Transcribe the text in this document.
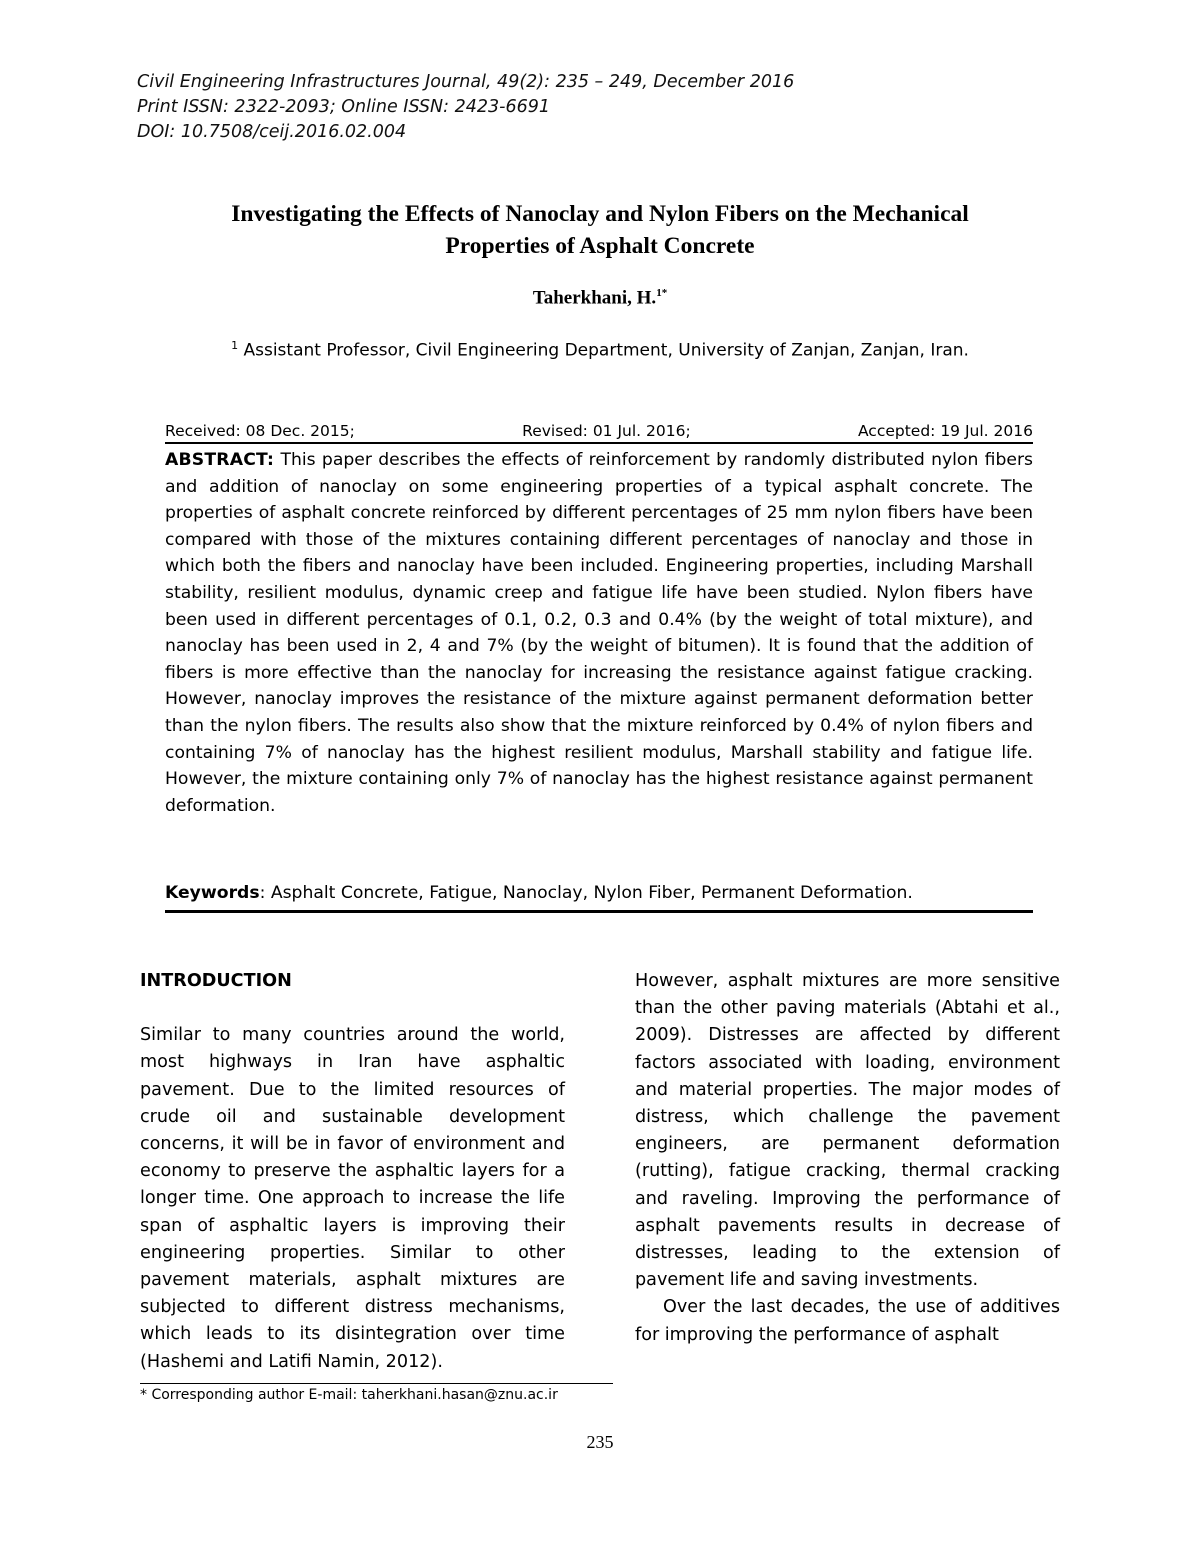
Civil Engineering Infrastructures Journal, 49(2): 235 – 249, December 2016
Print ISSN: 2322-2093; Online ISSN: 2423-6691
DOI: 10.7508/ceij.2016.02.004
Investigating the Effects of Nanoclay and Nylon Fibers on the Mechanical
Properties of Asphalt Concrete
Taherkhani, H.$^{1*}$
$^1$ Assistant Professor, Civil Engineering Department, University of Zanjan, Zanjan, Iran.
Received: 08 Dec. 2015;	Revised: 01 Jul. 2016;	Accepted: 19 Jul. 2016
ABSTRACT: This paper describes the effects of reinforcement by randomly distributed nylon fibers and addition of nanoclay on some engineering properties of a typical asphalt concrete. The properties of asphalt concrete reinforced by different percentages of 25 mm nylon fibers have been compared with those of the mixtures containing different percentages of nanoclay and those in which both the fibers and nanoclay have been included. Engineering properties, including Marshall stability, resilient modulus, dynamic creep and fatigue life have been studied. Nylon fibers have been used in different percentages of 0.1, 0.2, 0.3 and 0.4% (by the weight of total mixture), and nanoclay has been used in 2, 4 and 7% (by the weight of bitumen). It is found that the addition of fibers is more effective than the nanoclay for increasing the resistance against fatigue cracking. However, nanoclay improves the resistance of the mixture against permanent deformation better than the nylon fibers. The results also show that the mixture reinforced by 0.4% of nylon fibers and containing 7% of nanoclay has the highest resilient modulus, Marshall stability and fatigue life. However, the mixture containing only 7% of nanoclay has the highest resistance against permanent deformation.
Keywords: Asphalt Concrete, Fatigue, Nanoclay, Nylon Fiber, Permanent Deformation.
INTRODUCTION

Similar to many countries around the world, most highways in Iran have asphaltic pavement. Due to the limited resources of crude oil and sustainable development concerns, it will be in favor of environment and economy to preserve the asphaltic layers for a longer time. One approach to increase the life span of asphaltic layers is improving their engineering properties. Similar to other pavement materials, asphalt mixtures are subjected to different distress mechanisms, which leads to its disintegration over time (Hashemi and Latifi Namin, 2012).

However, asphalt mixtures are more sensitive than the other paving materials (Abtahi et al., 2009). Distresses are affected by different factors associated with loading, environment and material properties. The major modes of distress, which challenge the pavement engineers, are permanent deformation (rutting), fatigue cracking, thermal cracking and raveling. Improving the performance of asphalt pavements results in decrease of distresses, leading to the extension of pavement life and saving investments.

Over the last decades, the use of additives for improving the performance of asphalt

* Corresponding author E-mail: taherkhani.hasan@znu.ac.ir
235
